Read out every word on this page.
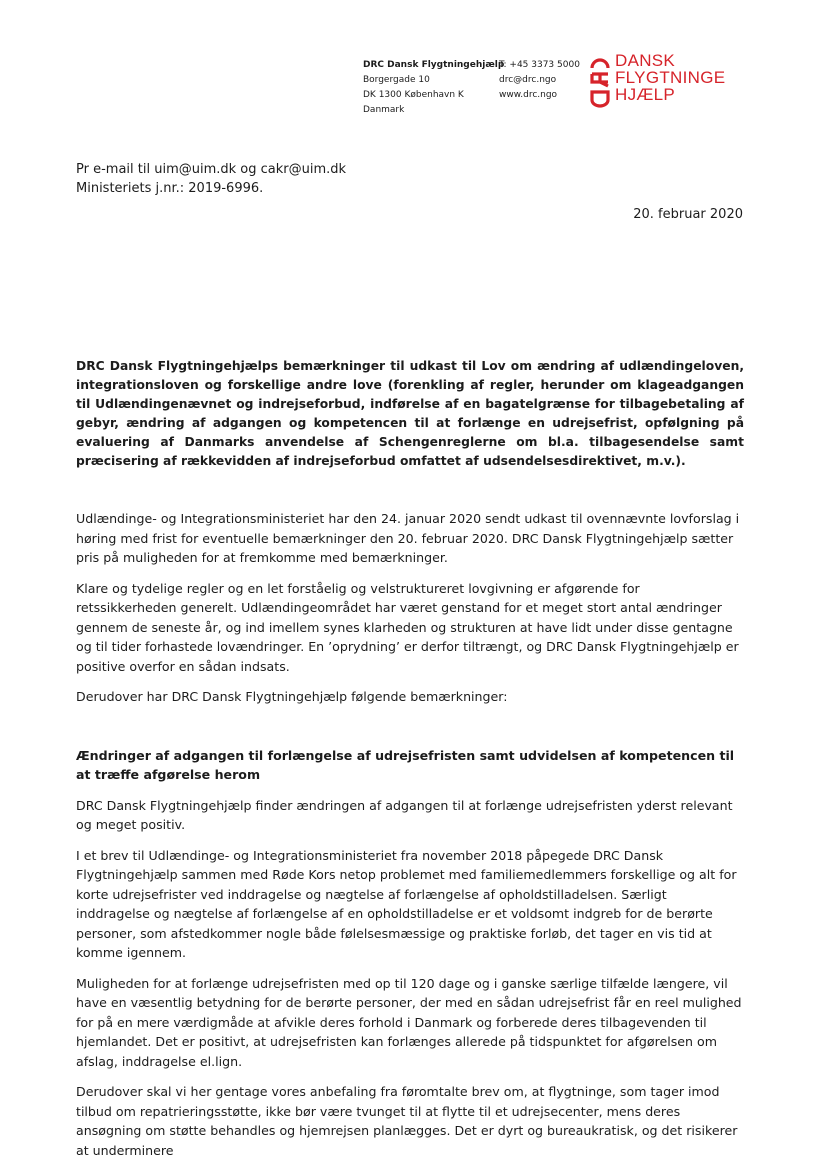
DRC Dansk Flygtningehjælp
Borgergade 10
DK 1300 København K
Danmark
T: +45 3373 5000
drc@drc.ngo
www.drc.ngo
DANSK
FLYGTNINGE
HJÆLP
Pr e-mail til uim@uim.dk og cakr@uim.dk
Ministeriets j.nr.: 2019-6996.
20. februar 2020
DRC Dansk Flygtningehjælps bemærkninger til udkast til Lov om ændring af udlændingeloven, integrationsloven og forskellige andre love (forenkling af regler, herunder om klageadgangen til Udlændingenævnet og indrejseforbud, indførelse af en bagatelgrænse for tilbagebetaling af gebyr, ændring af adgangen og kompetencen til at forlænge en udrejsefrist, opfølgning på evaluering af Danmarks anvendelse af Schengenreglerne om bl.a. tilbagesendelse samt præcisering af rækkevidden af indrejseforbud omfattet af udsendelsesdirektivet, m.v.).

Udlændinge- og Integrationsministeriet har den 24. januar 2020 sendt udkast til ovennævnte lovforslag i høring med frist for eventuelle bemærkninger den 20. februar 2020. DRC Dansk Flygtningehjælp sætter pris på muligheden for at fremkomme med bemærkninger.

Klare og tydelige regler og en let forståelig og velstruktureret lovgivning er afgørende for retssikkerheden generelt. Udlændingeområdet har været genstand for et meget stort antal ændringer gennem de seneste år, og ind imellem synes klarheden og strukturen at have lidt under disse gentagne og til tider forhastede lovændringer. En ’oprydning’ er derfor tiltrængt, og DRC Dansk Flygtningehjælp er positive overfor en sådan indsats.

Derudover har DRC Dansk Flygtningehjælp følgende bemærkninger:

Ændringer af adgangen til forlængelse af udrejsefristen samt udvidelsen af kompetencen til at træffe afgørelse herom

DRC Dansk Flygtningehjælp finder ændringen af adgangen til at forlænge udrejsefristen yderst relevant og meget positiv.

I et brev til Udlændinge- og Integrationsministeriet fra november 2018 påpegede DRC Dansk Flygtningehjælp sammen med Røde Kors netop problemet med familiemedlemmers forskellige og alt for korte udrejsefrister ved inddragelse og nægtelse af forlængelse af opholdstilladelsen. Særligt inddragelse og nægtelse af forlængelse af en opholdstilladelse er et voldsomt indgreb for de berørte personer, som afstedkommer nogle både følelsesmæssige og praktiske forløb, det tager en vis tid at komme igennem.

Muligheden for at forlænge udrejsefristen med op til 120 dage og i ganske særlige tilfælde længere, vil have en væsentlig betydning for de berørte personer, der med en sådan udrejsefrist får en reel mulighed for på en mere værdigmåde at afvikle deres forhold i Danmark og forberede deres tilbagevenden til hjemlandet. Det er positivt, at udrejsefristen kan forlænges allerede på tidspunktet for afgørelsen om afslag, inddragelse el.lign.

Derudover skal vi her gentage vores anbefaling fra føromtalte brev om, at flygtninge, som tager imod tilbud om repatrieringsstøtte, ikke bør være tvunget til at flytte til et udrejsecenter, mens deres ansøgning om støtte behandles og hjemrejsen planlægges. Det er dyrt og bureaukratisk, og det risikerer at underminere
